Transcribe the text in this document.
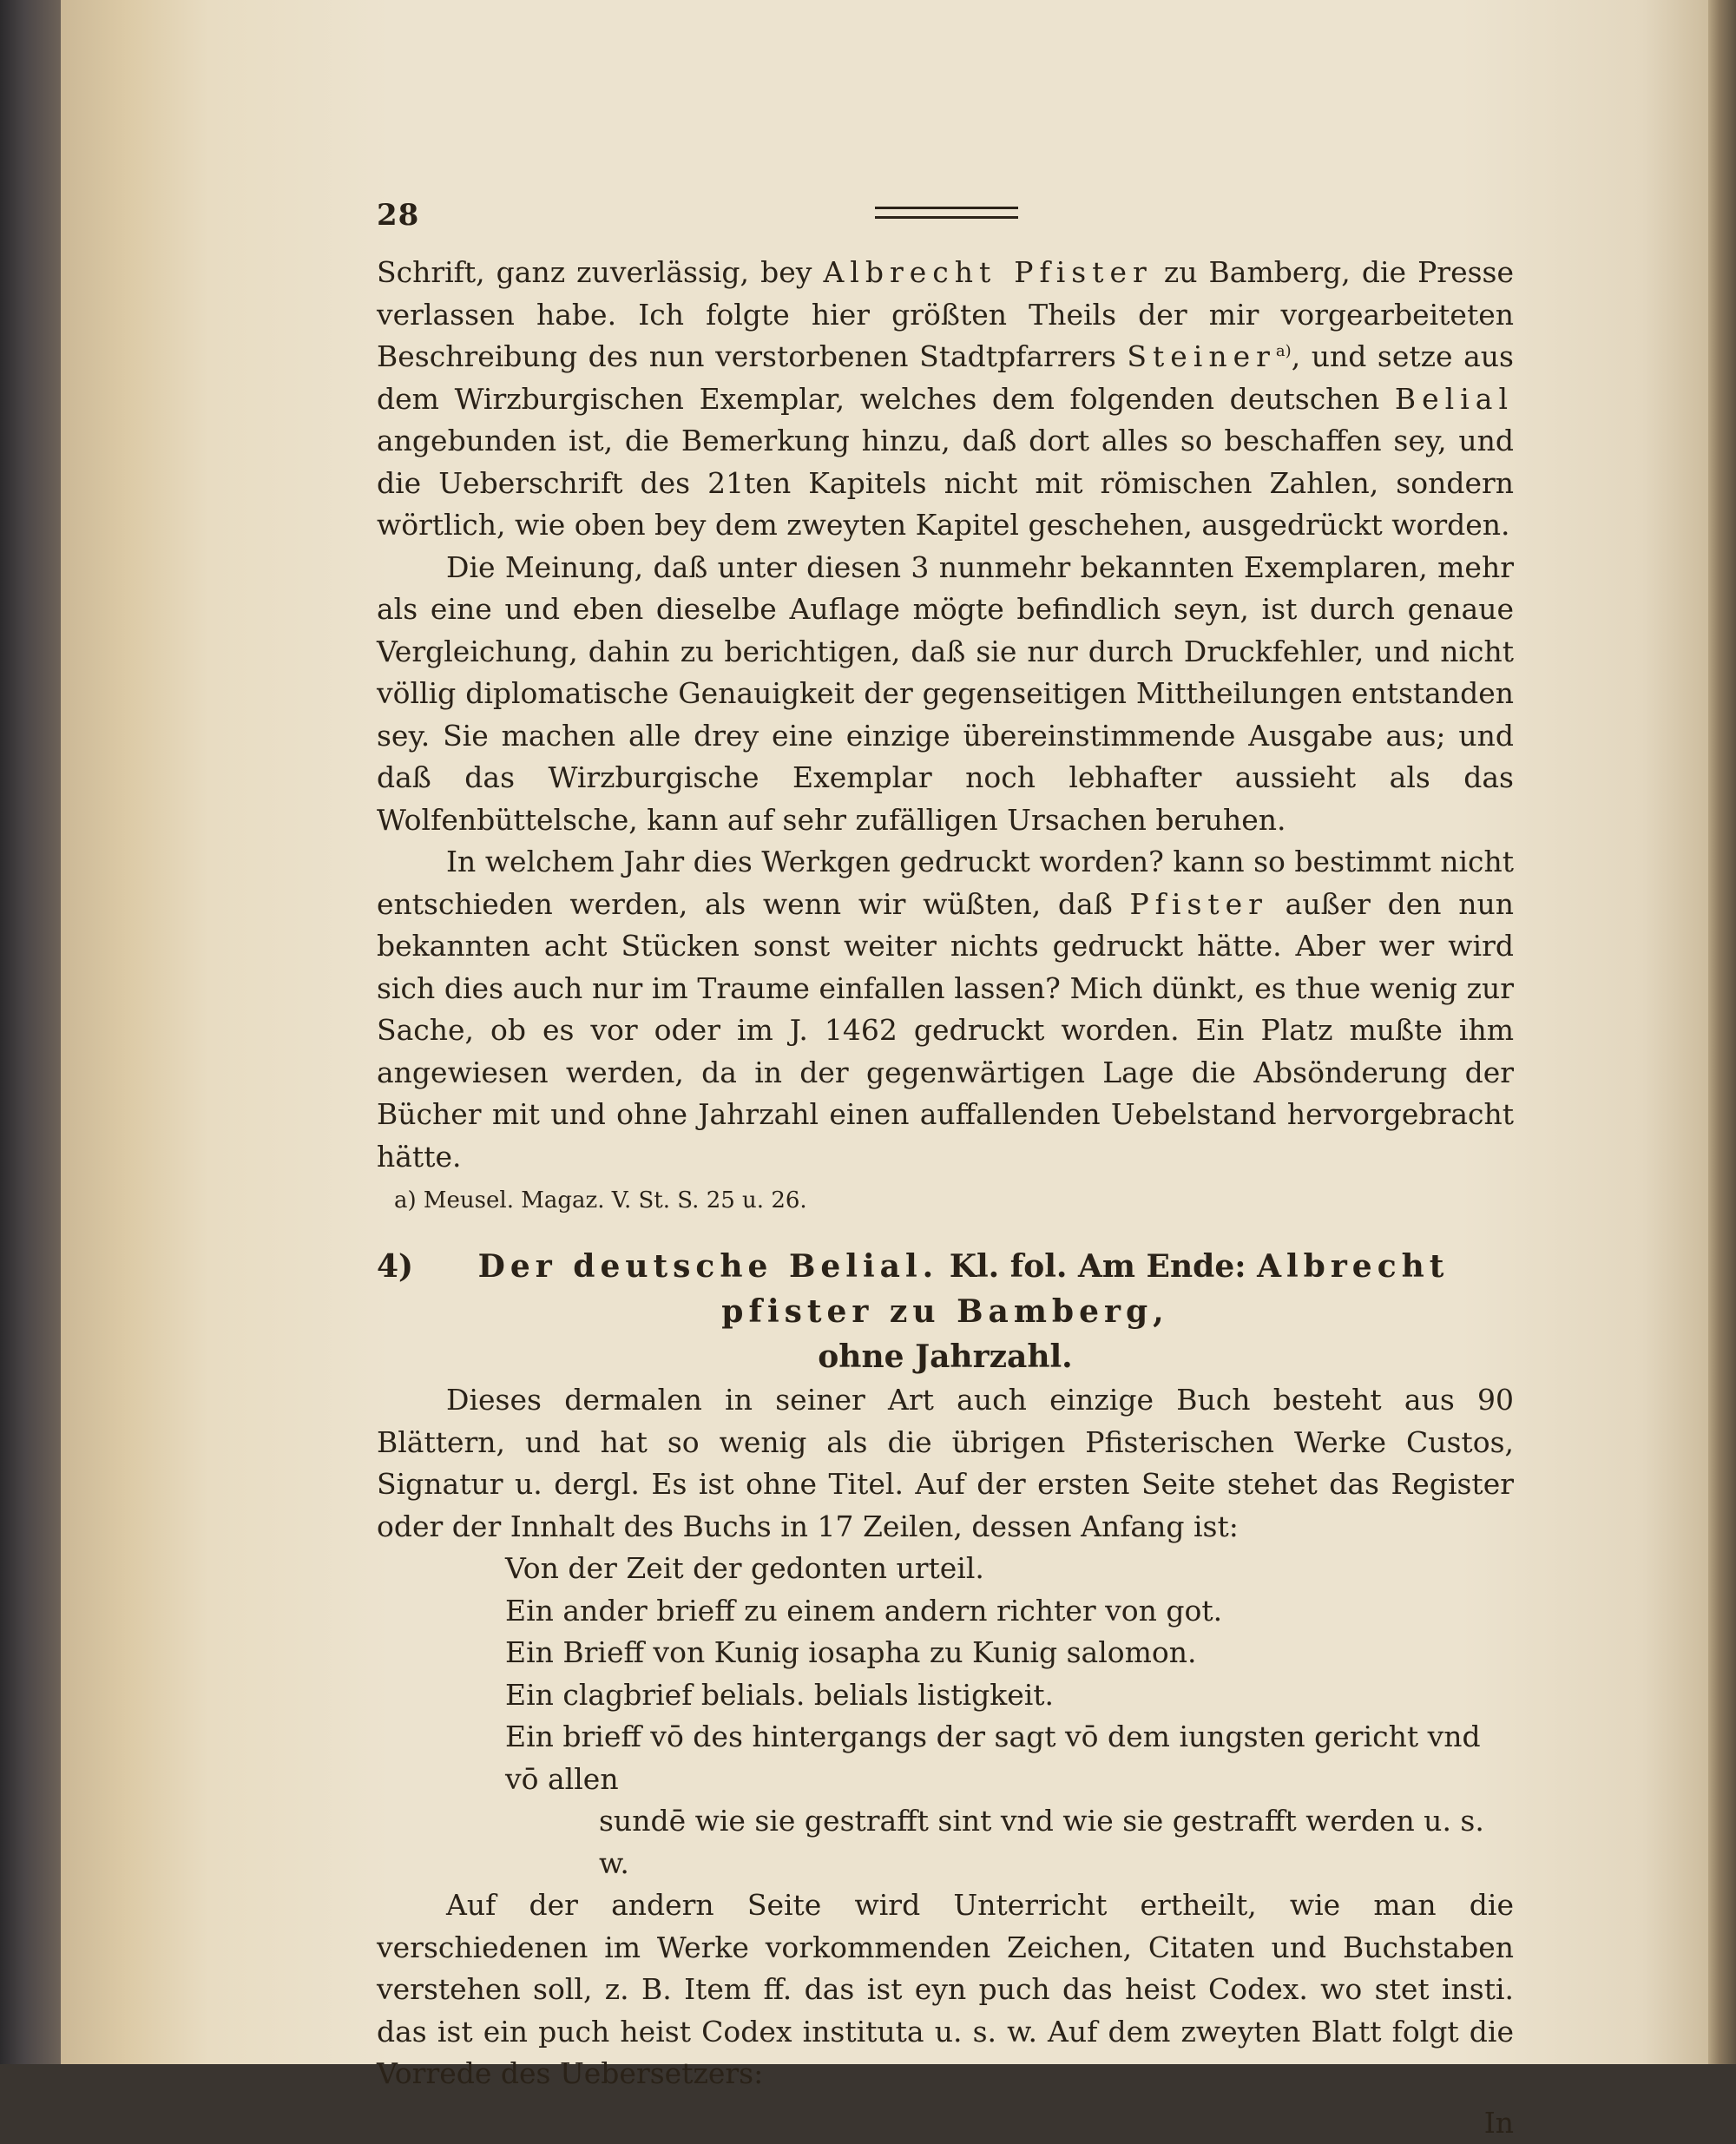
28

Schrift, ganz zuverlässig, bey Albrecht Pfister zu Bamberg, die Presse verlassen habe. Ich folgte hier größten Theils der mir vorgearbeiteten Beschreibung des nun verstorbenen Stadtpfarrers Steiner$^{a)}$, und setze aus dem Wirzburgischen Exemplar, welches dem folgenden deutschen Belial angebunden ist, die Bemerkung hinzu, daß dort alles so beschaffen sey, und die Ueberschrift des 21ten Kapitels nicht mit römischen Zahlen, sondern wörtlich, wie oben bey dem zweyten Kapitel geschehen, ausgedrückt worden.

Die Meinung, daß unter diesen 3 nunmehr bekannten Exemplaren, mehr als eine und eben dieselbe Auflage mögte befindlich seyn, ist durch genaue Vergleichung, dahin zu berichtigen, daß sie nur durch Druckfehler, und nicht völlig diplomatische Genauigkeit der gegenseitigen Mittheilungen entstanden sey. Sie machen alle drey eine einzige übereinstimmende Ausgabe aus; und daß das Wirzburgische Exemplar noch lebhafter aussieht als das Wolfenbüttelsche, kann auf sehr zufälligen Ursachen beruhen.

In welchem Jahr dies Werkgen gedruckt worden? kann so bestimmt nicht entschieden werden, als wenn wir wüßten, daß Pfister außer den nun bekannten acht Stücken sonst weiter nichts gedruckt hätte. Aber wer wird sich dies auch nur im Traume einfallen lassen? Mich dünkt, es thue wenig zur Sache, ob es vor oder im J. 1462 gedruckt worden. Ein Platz mußte ihm angewiesen werden, da in der gegenwärtigen Lage die Absönderung der Bücher mit und ohne Jahrzahl einen auffallenden Uebelstand hervorgebracht hätte.

a) Meusel. Magaz. V. St. S. 25 u. 26.

4) Der deutsche Belial. Kl. fol. Am Ende: Albrecht pfister zu Bamberg,
ohne Jahrzahl.

Dieses dermalen in seiner Art auch einzige Buch besteht aus 90 Blättern, und hat so wenig als die übrigen Pfisterischen Werke Custos, Signatur u. dergl. Es ist ohne Titel. Auf der ersten Seite stehet das Register oder der Innhalt des Buchs in 17 Zeilen, dessen Anfang ist:

Von der Zeit der gedonten urteil.

Ein ander brieff zu einem andern richter von got.

Ein Brieff von Kunig iosapha zu Kunig salomon.

Ein clagbrief belials. belials listigkeit.

Ein brieff vō des hintergangs der sagt vō dem iungsten gericht vnd vō allen

sundē wie sie gestrafft sint vnd wie sie gestrafft werden u. s. w.

Auf der andern Seite wird Unterricht ertheilt, wie man die verschiedenen im Werke vorkommenden Zeichen, Citaten und Buchstaben verstehen soll, z. B. Item ff. das ist eyn puch das heist Codex. wo stet insti. das ist ein puch heist Codex institutа u. s. w. Auf dem zweyten Blatt folgt die Vorrede des Uebersetzers:

In
